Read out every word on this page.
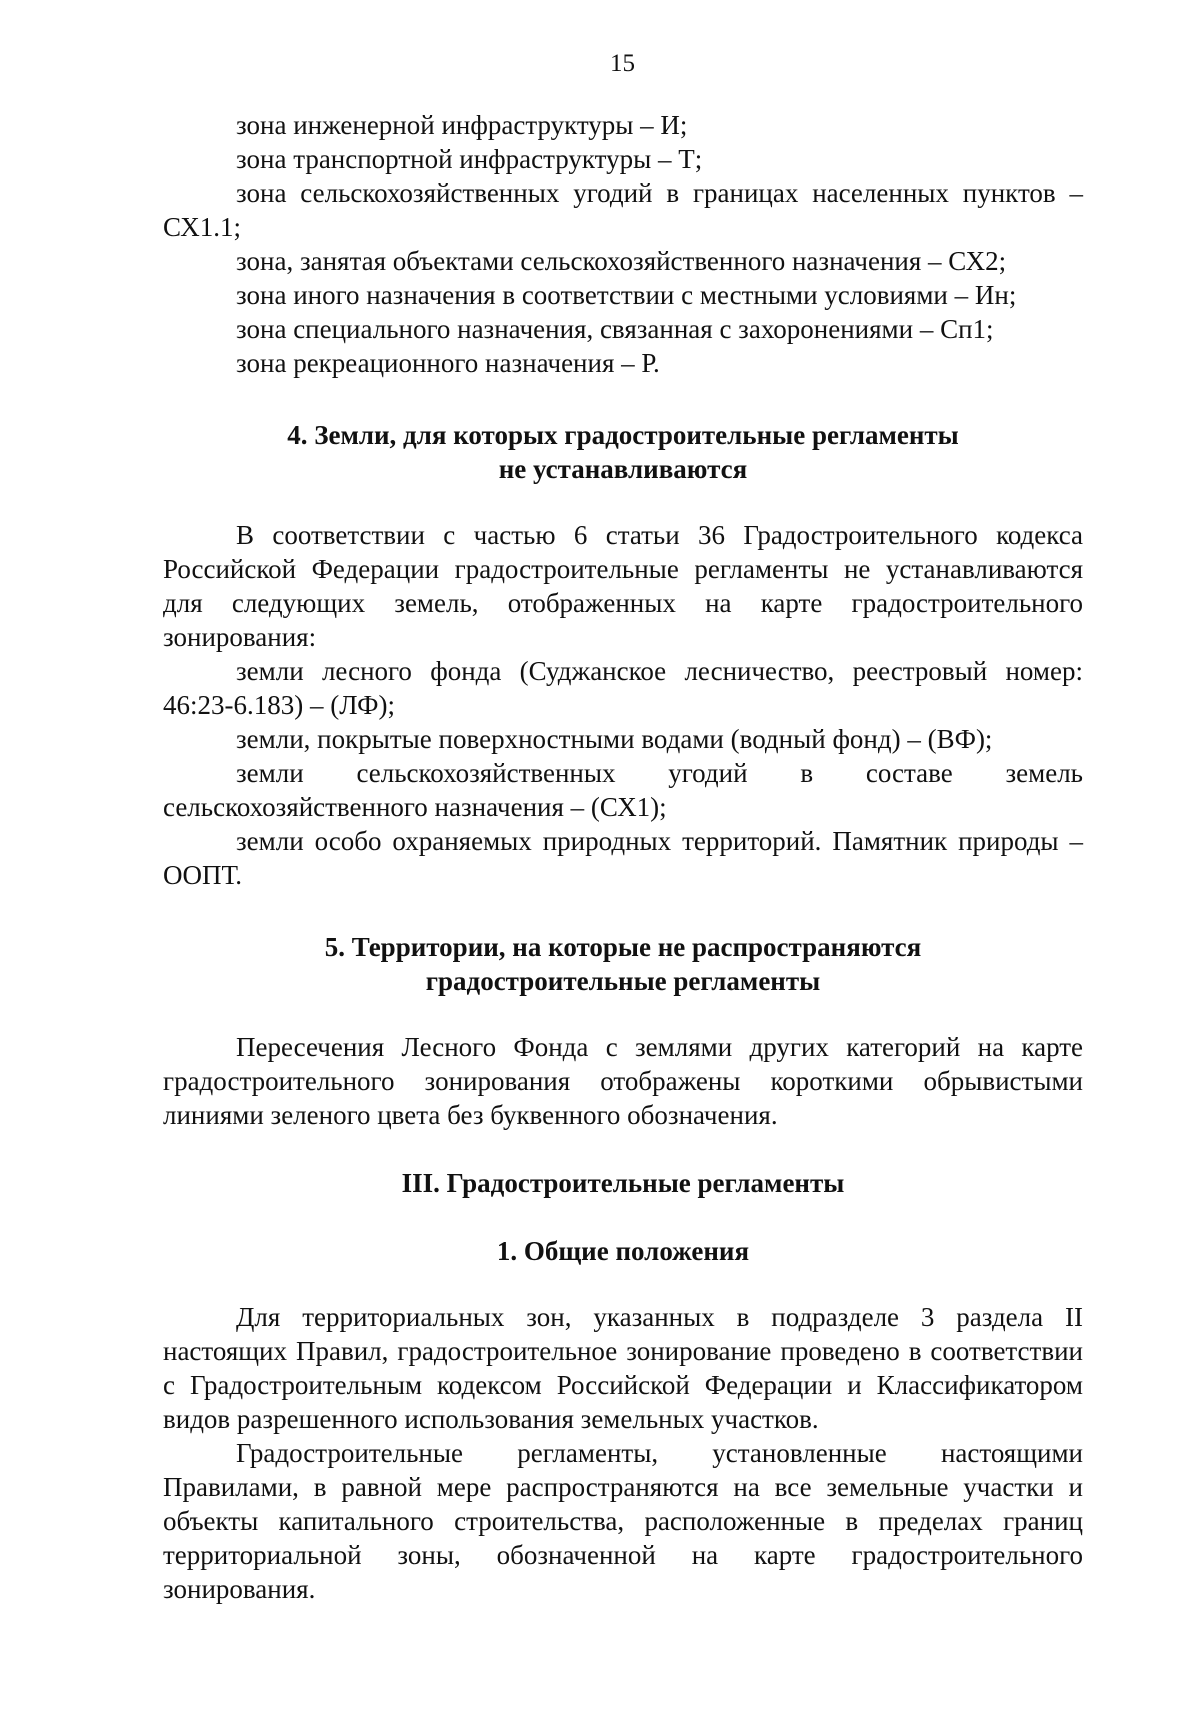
15

зона инженерной инфраструктуры – И;

зона транспортной инфраструктуры – Т;

зона сельскохозяйственных угодий в границах населенных пунктов – СХ1.1;

зона, занятая объектами сельскохозяйственного назначения – СХ2;

зона иного назначения в соответствии с местными условиями – Ин;

зона специального назначения, связанная с захоронениями – Сп1;

зона рекреационного назначения – Р.

4. Земли, для которых градостроительные регламенты

не устанавливаются

В соответствии с частью 6 статьи 36 Градостроительного кодекса Российской Федерации градостроительные регламенты не устанавливаются для следующих земель, отображенных на карте градостроительного зонирования:

земли лесного фонда (Суджанское лесничество, реестровый номер: 46:23-6.183) – (ЛФ);

земли, покрытые поверхностными водами (водный фонд) – (ВФ);

земли сельскохозяйственных угодий в составе земель сельскохозяйственного назначения – (СХ1);

земли особо охраняемых природных территорий. Памятник природы – ООПТ.

5. Территории, на которые не распространяются

градостроительные регламенты

Пересечения Лесного Фонда с землями других категорий на карте градостроительного зонирования отображены короткими обрывистыми линиями зеленого цвета без буквенного обозначения.

III. Градостроительные регламенты

1. Общие положения

Для территориальных зон, указанных в подразделе 3 раздела II настоящих Правил, градостроительное зонирование проведено в соответствии с Градостроительным кодексом Российской Федерации и Классификатором видов разрешенного использования земельных участков.

Градостроительные регламенты, установленные настоящими Правилами, в равной мере распространяются на все земельные участки и объекты капитального строительства, расположенные в пределах границ территориальной зоны, обозначенной на карте градостроительного зонирования.
